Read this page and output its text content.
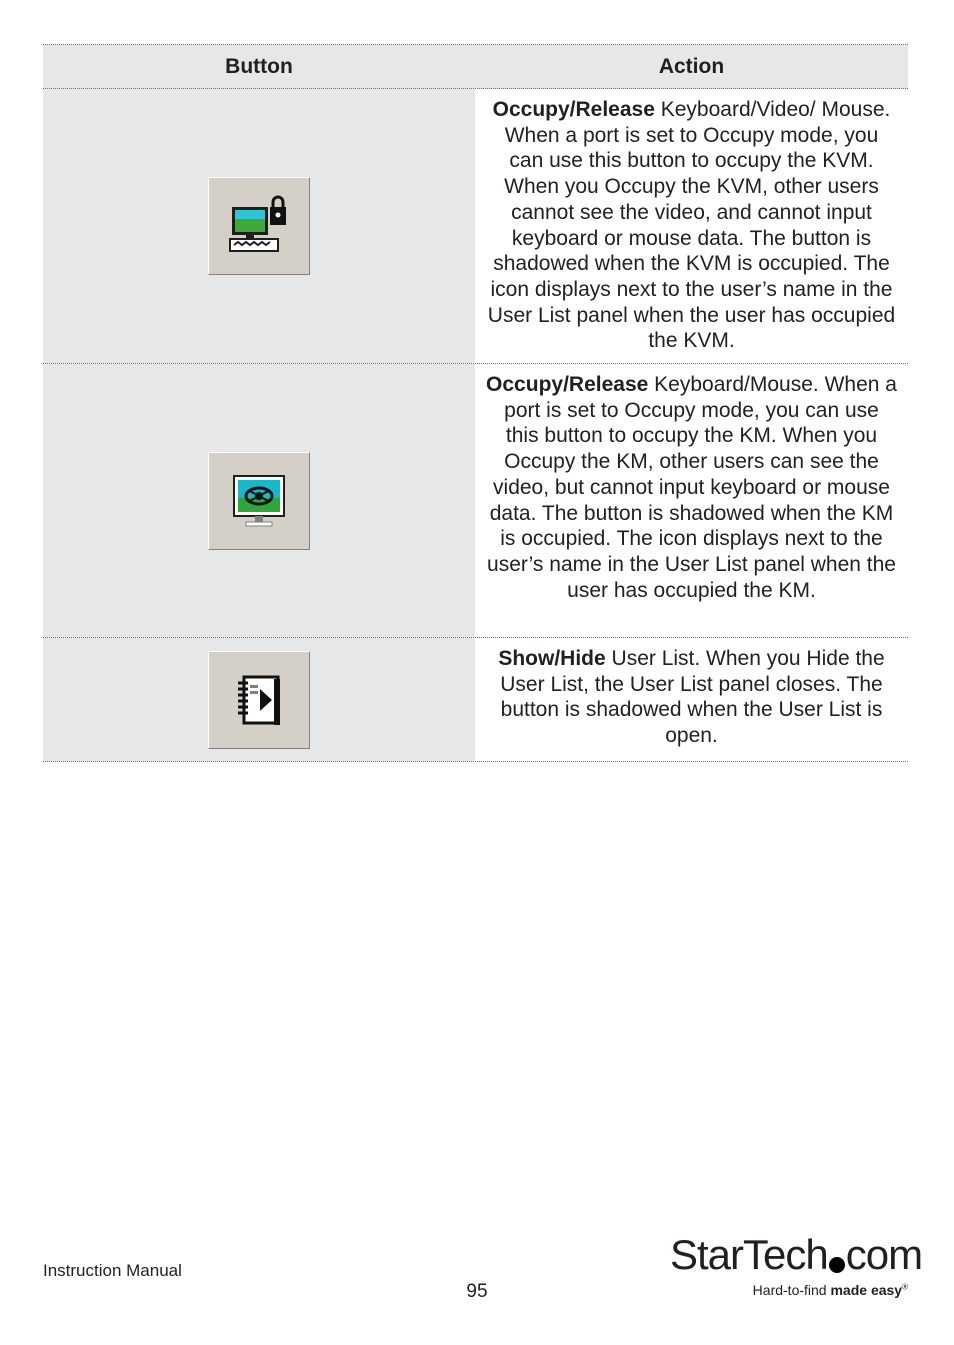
Button	Action
Occupy/Release Keyboard/Video/ Mouse. When a port is set to Occupy mode, you can use this button to occupy the KVM. When you Occupy the KVM, other users cannot see the video, and cannot input keyboard or mouse data. The button is shadowed when the KVM is occupied. The icon displays next to the user’s name in the User List panel when the user has occupied the KVM.
Occupy/Release Keyboard/Mouse. When a port is set to Occupy mode, you can use this button to occupy the KM. When you Occupy the KM, other users can see the video, but cannot input keyboard or mouse data. The button is shadowed when the KM is occupied. The icon displays next to the user’s name in the User List panel when the user has occupied the KM.
Show/Hide User List. When you Hide the User List, the User List panel closes. The button is shadowed when the User List is open.
Instruction Manual
95
StarTech com
Hard-to-find made easy®
